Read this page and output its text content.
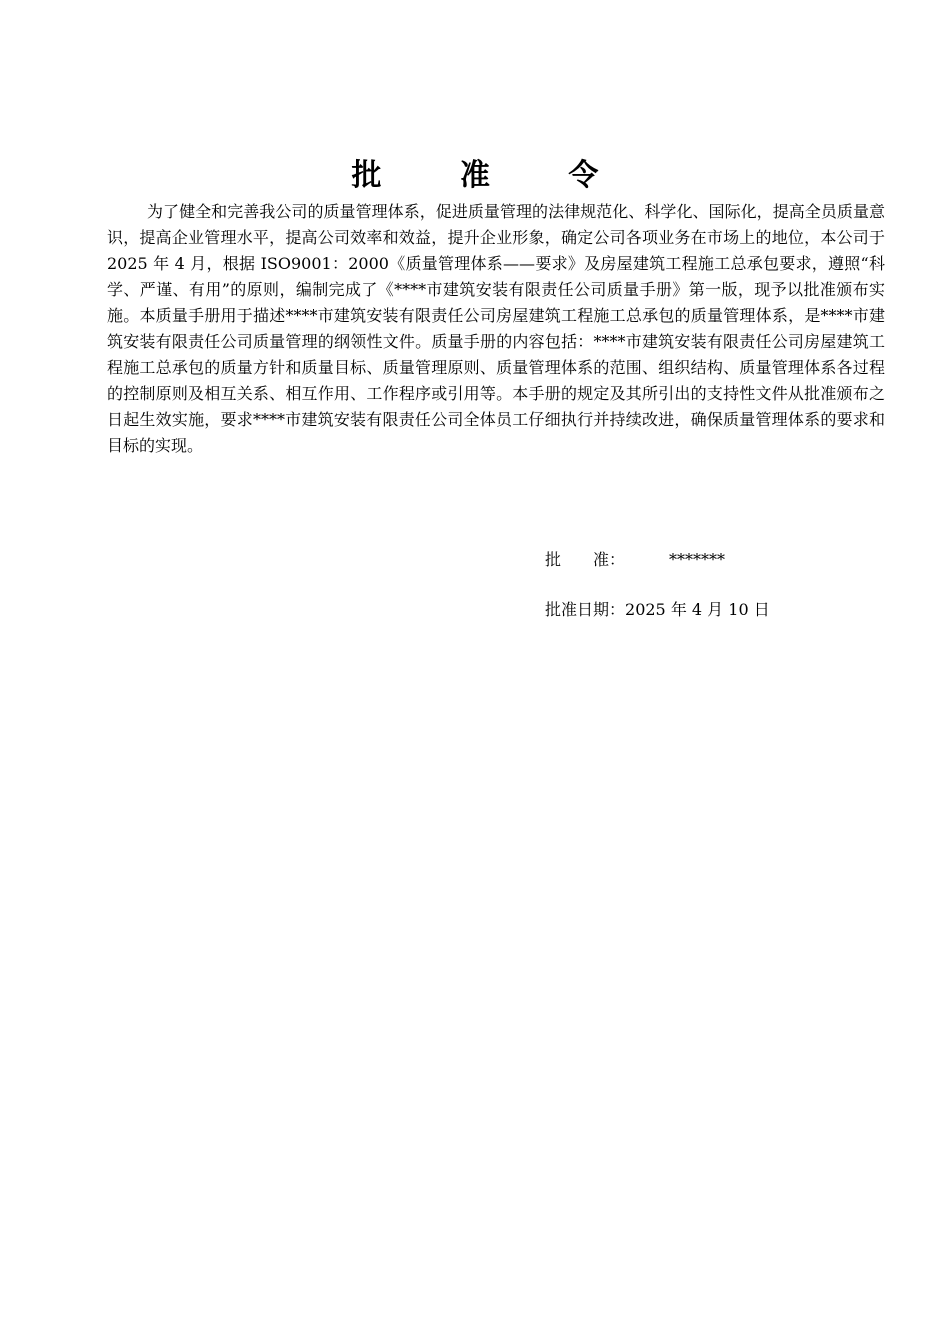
批 准 令

为了健全和完善我公司的质量管理体系，促进质量管理的法律规范化、科学化、国际化，提高全员质量意识，提高企业管理水平，提高公司效率和效益，提升企业形象，确定公司各项业务在市场上的地位，本公司于 2025 年 4 月，根据 ISO9001：2000《质量管理体系——要求》及房屋建筑工程施工总承包要求，遵照“科学、严谨、有用”的原则，编制完成了《****市建筑安装有限责任公司质量手册》第一版，现予以批准颁布实施。本质量手册用于描述****市建筑安装有限责任公司房屋建筑工程施工总承包的质量管理体系，是****市建筑安装有限责任公司质量管理的纲领性文件。质量手册的内容包括：****市建筑安装有限责任公司房屋建筑工程施工总承包的质量方针和质量目标、质量管理原则、质量管理体系的范围、组织结构、质量管理体系各过程的控制原则及相互关系、相互作用、工作程序或引用等。本手册的规定及其所引出的支持性文件从批准颁布之日起生效实施，要求****市建筑安装有限责任公司全体员工仔细执行并持续改进，确保质量管理体系的要求和目标的实现。

批　　准：	*******
批准日期：2025 年 4 月 10 日
